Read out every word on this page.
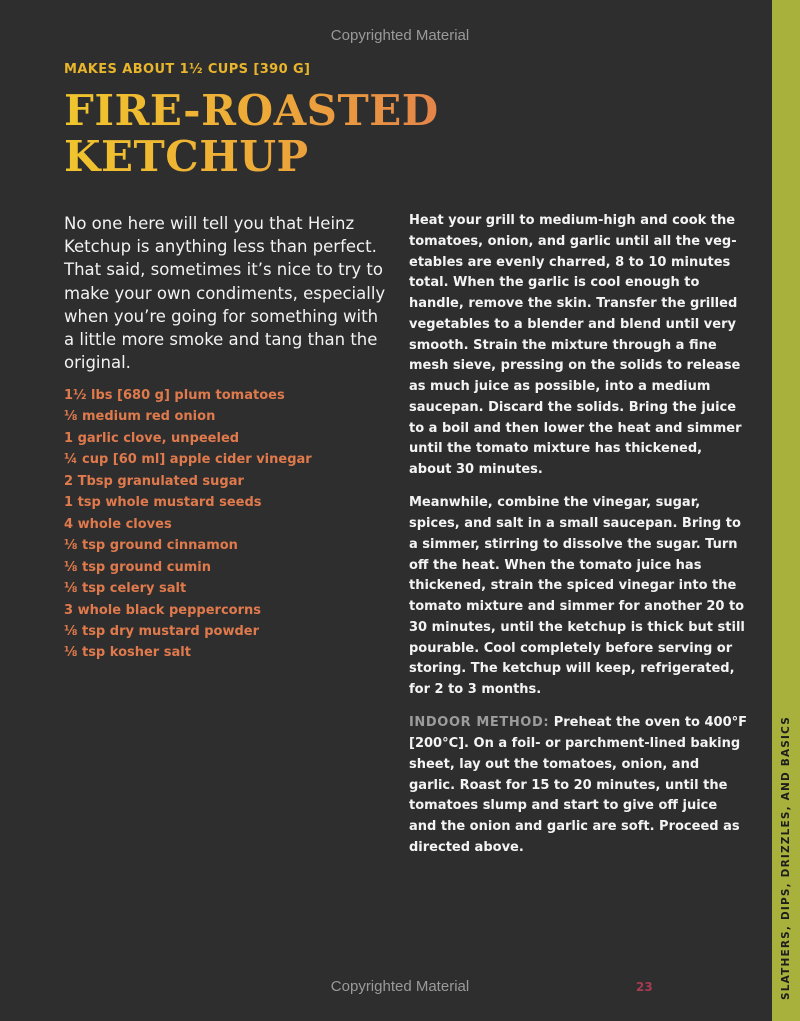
SLATHERS, DIPS, DRIZZLES, AND BASICS
Copyrighted Material
Copyrighted Material	23
MAKES ABOUT 1½ CUPS [390 G]
FIRE-ROASTED
KETCHUP

No one here will tell you that Heinz Ketchup is anything less than perfect. That said, sometimes it’s nice to try to make your own condiments, especially when you’re going for something with a little more smoke and tang than the original.

1½ lbs [680 g] plum tomatoes
⅛ medium red onion
1 garlic clove, unpeeled
¼ cup [60 ml] apple cider vinegar
2 Tbsp granulated sugar
1 tsp whole mustard seeds
4 whole cloves
⅛ tsp ground cinnamon
⅛ tsp ground cumin
⅛ tsp celery salt
3 whole black peppercorns
⅛ tsp dry mustard powder
⅛ tsp kosher salt

Heat your grill to medium-high and cook the tomatoes, onion, and garlic until all the veg-etables are evenly charred, 8 to 10 minutes total. When the garlic is cool enough to handle, remove the skin. Transfer the grilled vegetables to a blender and blend until very smooth. Strain the mixture through a fine mesh sieve, pressing on the solids to release as much juice as possible, into a medium saucepan. Discard the solids. Bring the juice to a boil and then lower the heat and simmer until the tomato mixture has thickened, about 30 minutes.

Meanwhile, combine the vinegar, sugar, spices, and salt in a small saucepan. Bring to a simmer, stirring to dissolve the sugar. Turn off the heat. When the tomato juice has thickened, strain the spiced vinegar into the tomato mixture and simmer for another 20 to 30 minutes, until the ketchup is thick but still pourable. Cool completely before serving or storing. The ketchup will keep, refrigerated, for 2 to 3 months.

INDOOR METHOD: Preheat the oven to 400°F [200°C]. On a foil- or parchment-lined baking sheet, lay out the tomatoes, onion, and garlic. Roast for 15 to 20 minutes, until the tomatoes slump and start to give off juice and the onion and garlic are soft. Proceed as directed above.
